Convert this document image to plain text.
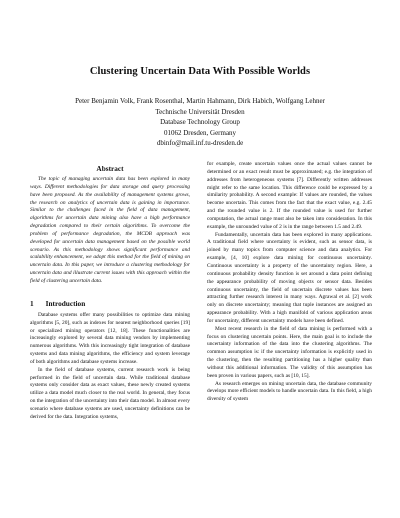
Clustering Uncertain Data With Possible Worlds
Peter Benjamin Volk, Frank Rosenthal, Martin Hahmann, Dirk Habich, Wolfgang Lehner
Technische Universität Dresden
Database Technology Group
01062 Dresden, Germany
dbinfo@mail.inf.tu-dresden.de
Abstract

The topic of managing uncertain data has been explored in many ways. Different methodologies for data storage and query processing have been proposed. As the availability of management systems grows, the research on analytics of uncertain data is gaining in importance. Similar to the challenges faced in the field of data management, algorithms for uncertain data mining also have a high performance degradation compared to their certain algorithms. To overcome the problem of performance degradation, the MCDB approach was developed for uncertain data management based on the possible world scenario. As this methodology shows significant performance and scalability enhancement, we adopt this method for the field of mining on uncertain data. In this paper, we introduce a clustering methodology for uncertain data and illustrate current issues with this approach within the field of clustering uncertain data.

1 Introduction

Database systems offer many possibilities to optimize data mining algorithms [5, 20], such as indexes for nearest neighborhood queries [19] or specialized mining operators [12, 18]. These functionalities are increasingly explored by several data mining vendors by implementing numerous algorithms. With this increasingly tight integration of database systems and data mining algorithms, the efficiency and system leverage of both algorithms and database systems increase.

In the field of database systems, current research work is being performed in the field of uncertain data. While traditional database systems only consider data as exact values, these newly created systems utilize a data model much closer to the real world. In general, they focus on the integration of the uncertainty into their data model. In almost every scenario where database systems are used, uncertainty definitions can be derived for the data. Integration systems,

for example, create uncertain values once the actual values cannot be determined or an exact result must be approximated; e.g. the integration of addresses from heterogeneous systems [7]. Differently written addresses might refer to the same location. This difference could be expressed by a similarity probability. A second example: If values are rounded, the values become uncertain. This comes from the fact that the exact value, e.g. 2.45 and the rounded value is 2. If the rounded value is used for further computation, the actual range must also be taken into consideration. In this example, the unrounded value of 2 is in the range between 1.5 and 2.49.

Fundamentally, uncertain data has been explored in many applications. A traditional field where uncertainty is evident, such as sensor data, is joined by many topics from computer science and data analytics. For example, [4, 10] explore data mining for continuous uncertainty. Continuous uncertainty is a property of the uncertainty region. Here, a continuous probability density function is set around a data point defining the appearance probability of moving objects or sensor data. Besides continuous uncertainty, the field of uncertain discrete values has been attracting further research interest in many ways. Agrawal et al. [2] work only on discrete uncertainty; meaning that tuple instances are assigned an appearance probability. With a high manifold of various application areas for uncertainty, different uncertainty models have been defined.

Most recent research in the field of data mining is performed with a focus on clustering uncertain points. Here, the main goal is to include the uncertainty information of the data into the clustering algorithms. The common assumption is: if the uncertainty information is explicitly used in the clustering, then the resulting partitioning has a higher quality than without this additional information. The validity of this assumption has been proven in various papers, such as [10, 15].

As research emerges on mining uncertain data, the database community develops more efficient models to handle uncertain data. In this field, a high diversity of system
